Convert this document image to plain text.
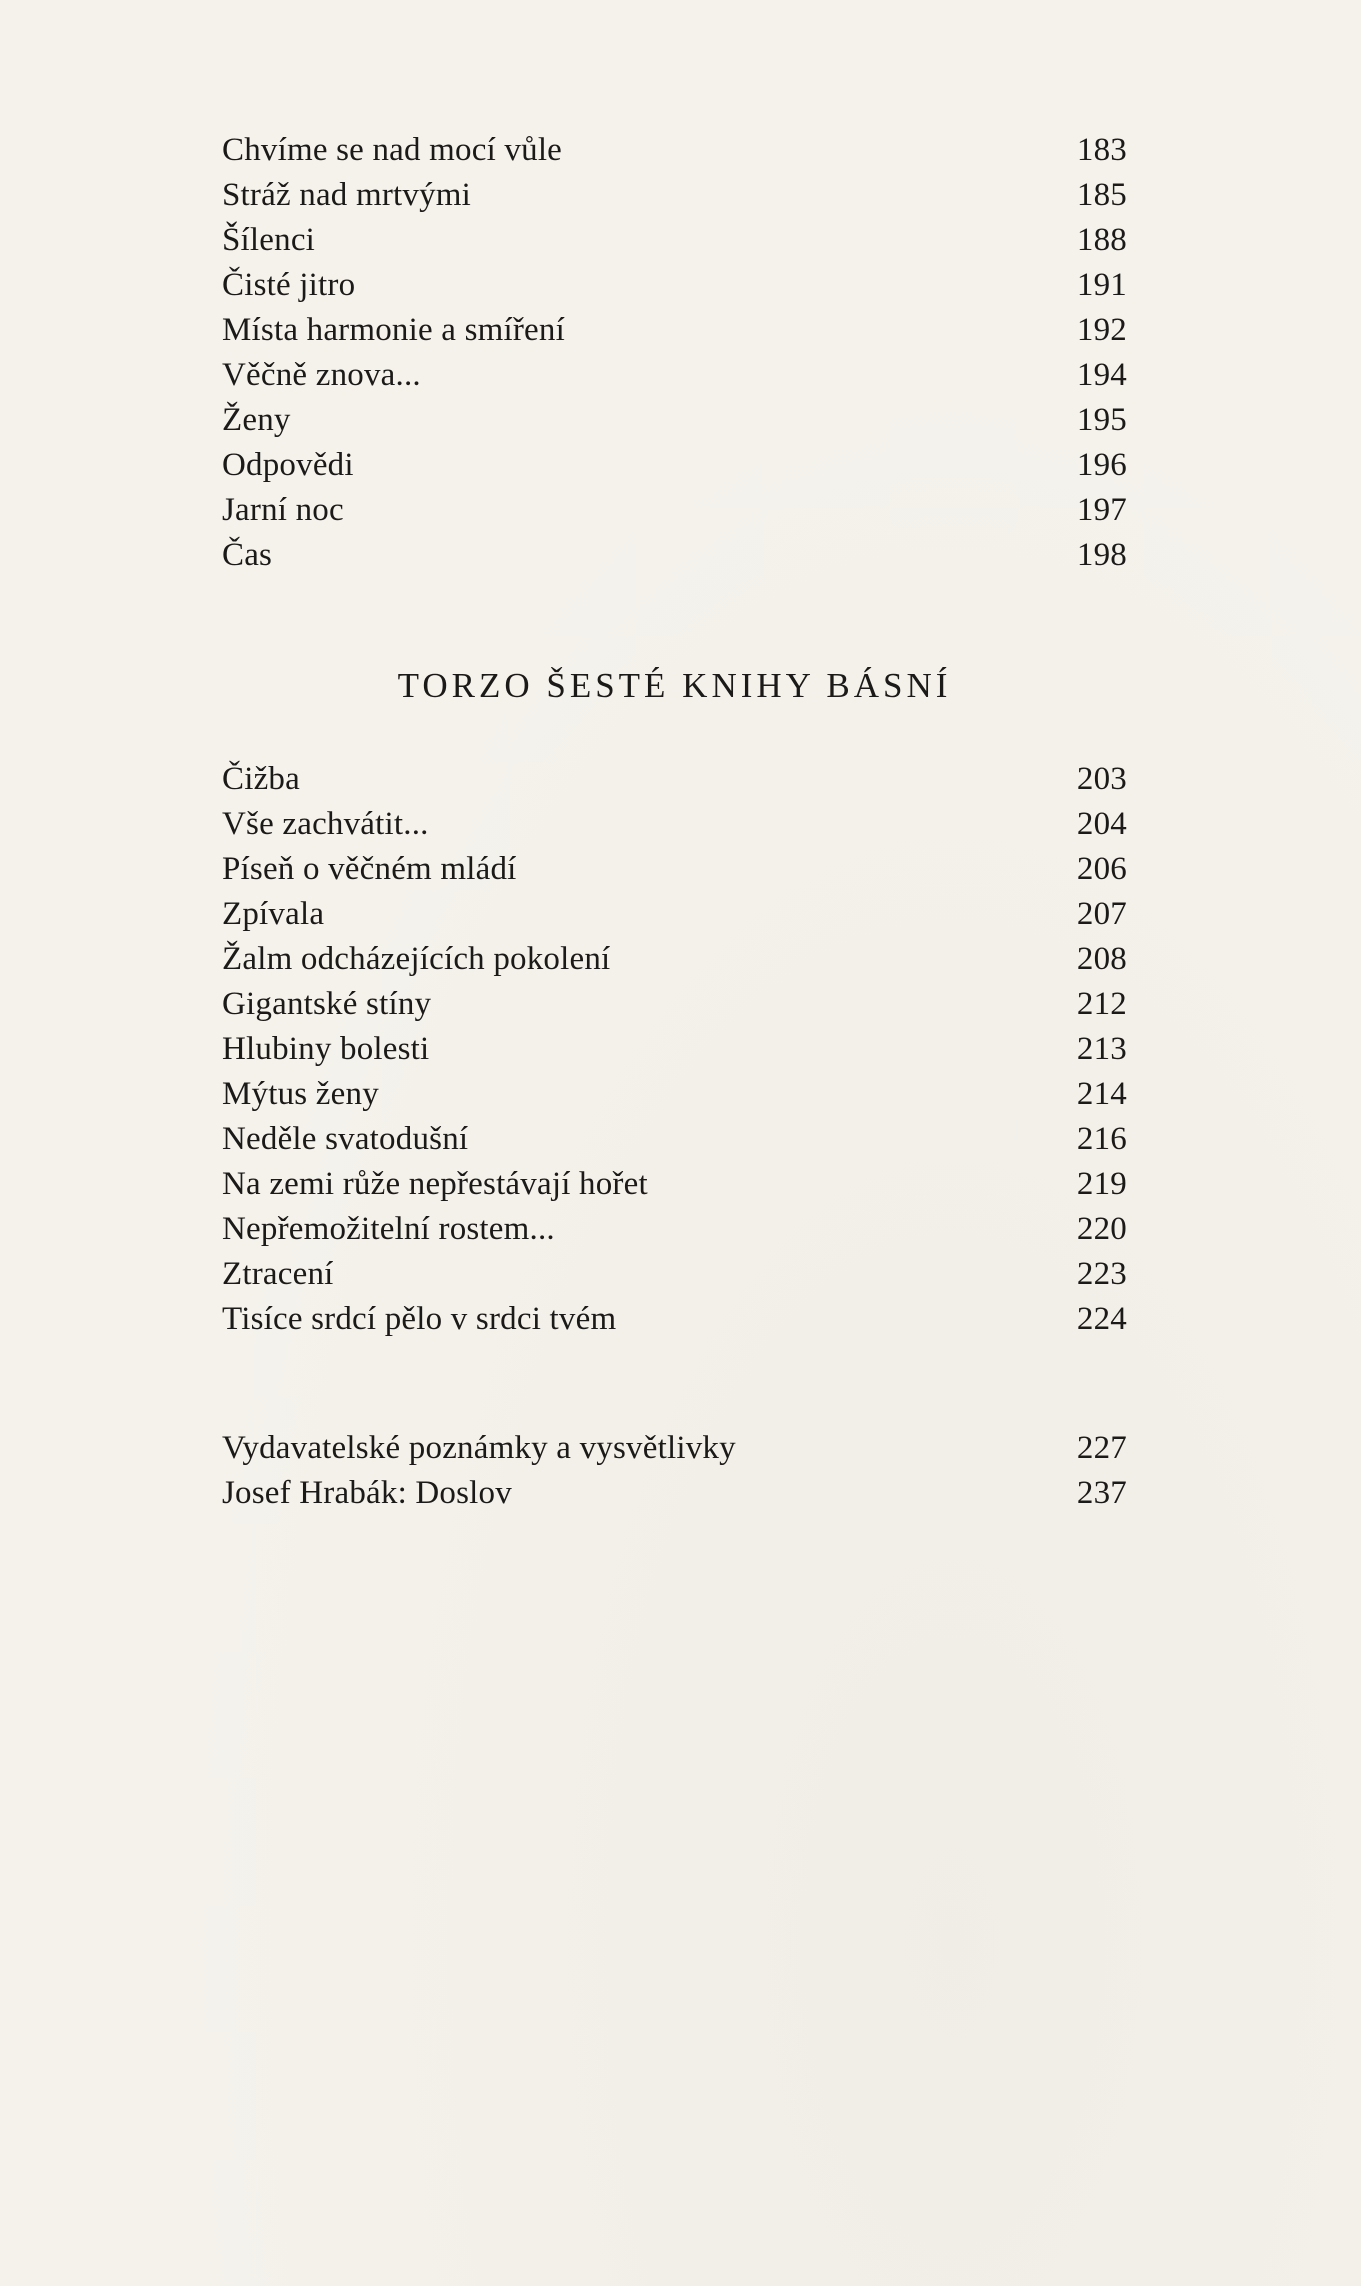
Chvíme se nad mocí vůle	183
Stráž nad mrtvými	185
Šílenci	188
Čisté jitro	191
Místa harmonie a smíření	192
Věčně znova...	194
Ženy	195
Odpovědi	196
Jarní noc	197
Čas	198
TORZO ŠESTÉ KNIHY BÁSNÍ
Čižba	203
Vše zachvátit...	204
Píseň o věčném mládí	206
Zpívala	207
Žalm odcházejících pokolení	208
Gigantské stíny	212
Hlubiny bolesti	213
Mýtus ženy	214
Neděle svatodušní	216
Na zemi růže nepřestávají hořet	219
Nepřemožitelní rostem...	220
Ztracení	223
Tisíce srdcí pělo v srdci tvém	224
Vydavatelské poznámky a vysvětlivky	227
Josef Hrabák: Doslov	237
